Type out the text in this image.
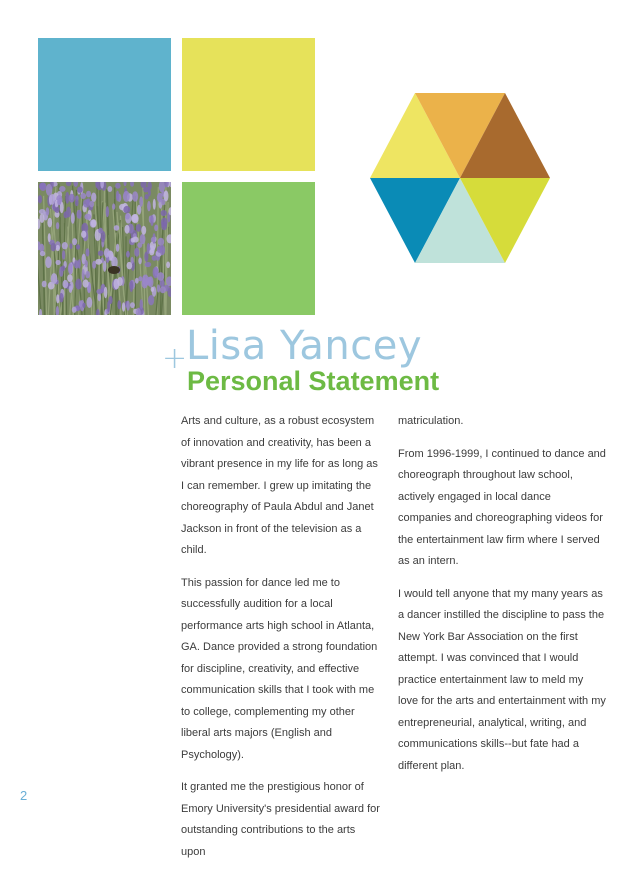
+
Lisa Yancey
Personal Statement

Arts and culture, as a robust ecosystem of innovation and creativity, has been a vibrant presence in my life for as long as I can remember. I grew up imitating the choreography of Paula Abdul and Janet Jackson in front of the television as a child.

This passion for dance led me to successfully audition for a local performance arts high school in Atlanta, GA. Dance provided a strong foundation for discipline, creativity, and effective communication skills that I took with me to college, complementing my other liberal arts majors (English and Psychology).

It granted me the prestigious honor of Emory University's presidential award for outstanding contributions to the arts upon

matriculation.

From 1996-1999, I continued to dance and choreograph throughout law school, actively engaged in local dance companies and choreographing videos for the entertainment law firm where I served as an intern.

I would tell anyone that my many years as a dancer instilled the discipline to pass the New York Bar Association on the first attempt. I was convinced that I would practice entertainment law to meld my love for the arts and entertainment with my entrepreneurial, analytical, writing, and communications skills--but fate had a different plan.

2
